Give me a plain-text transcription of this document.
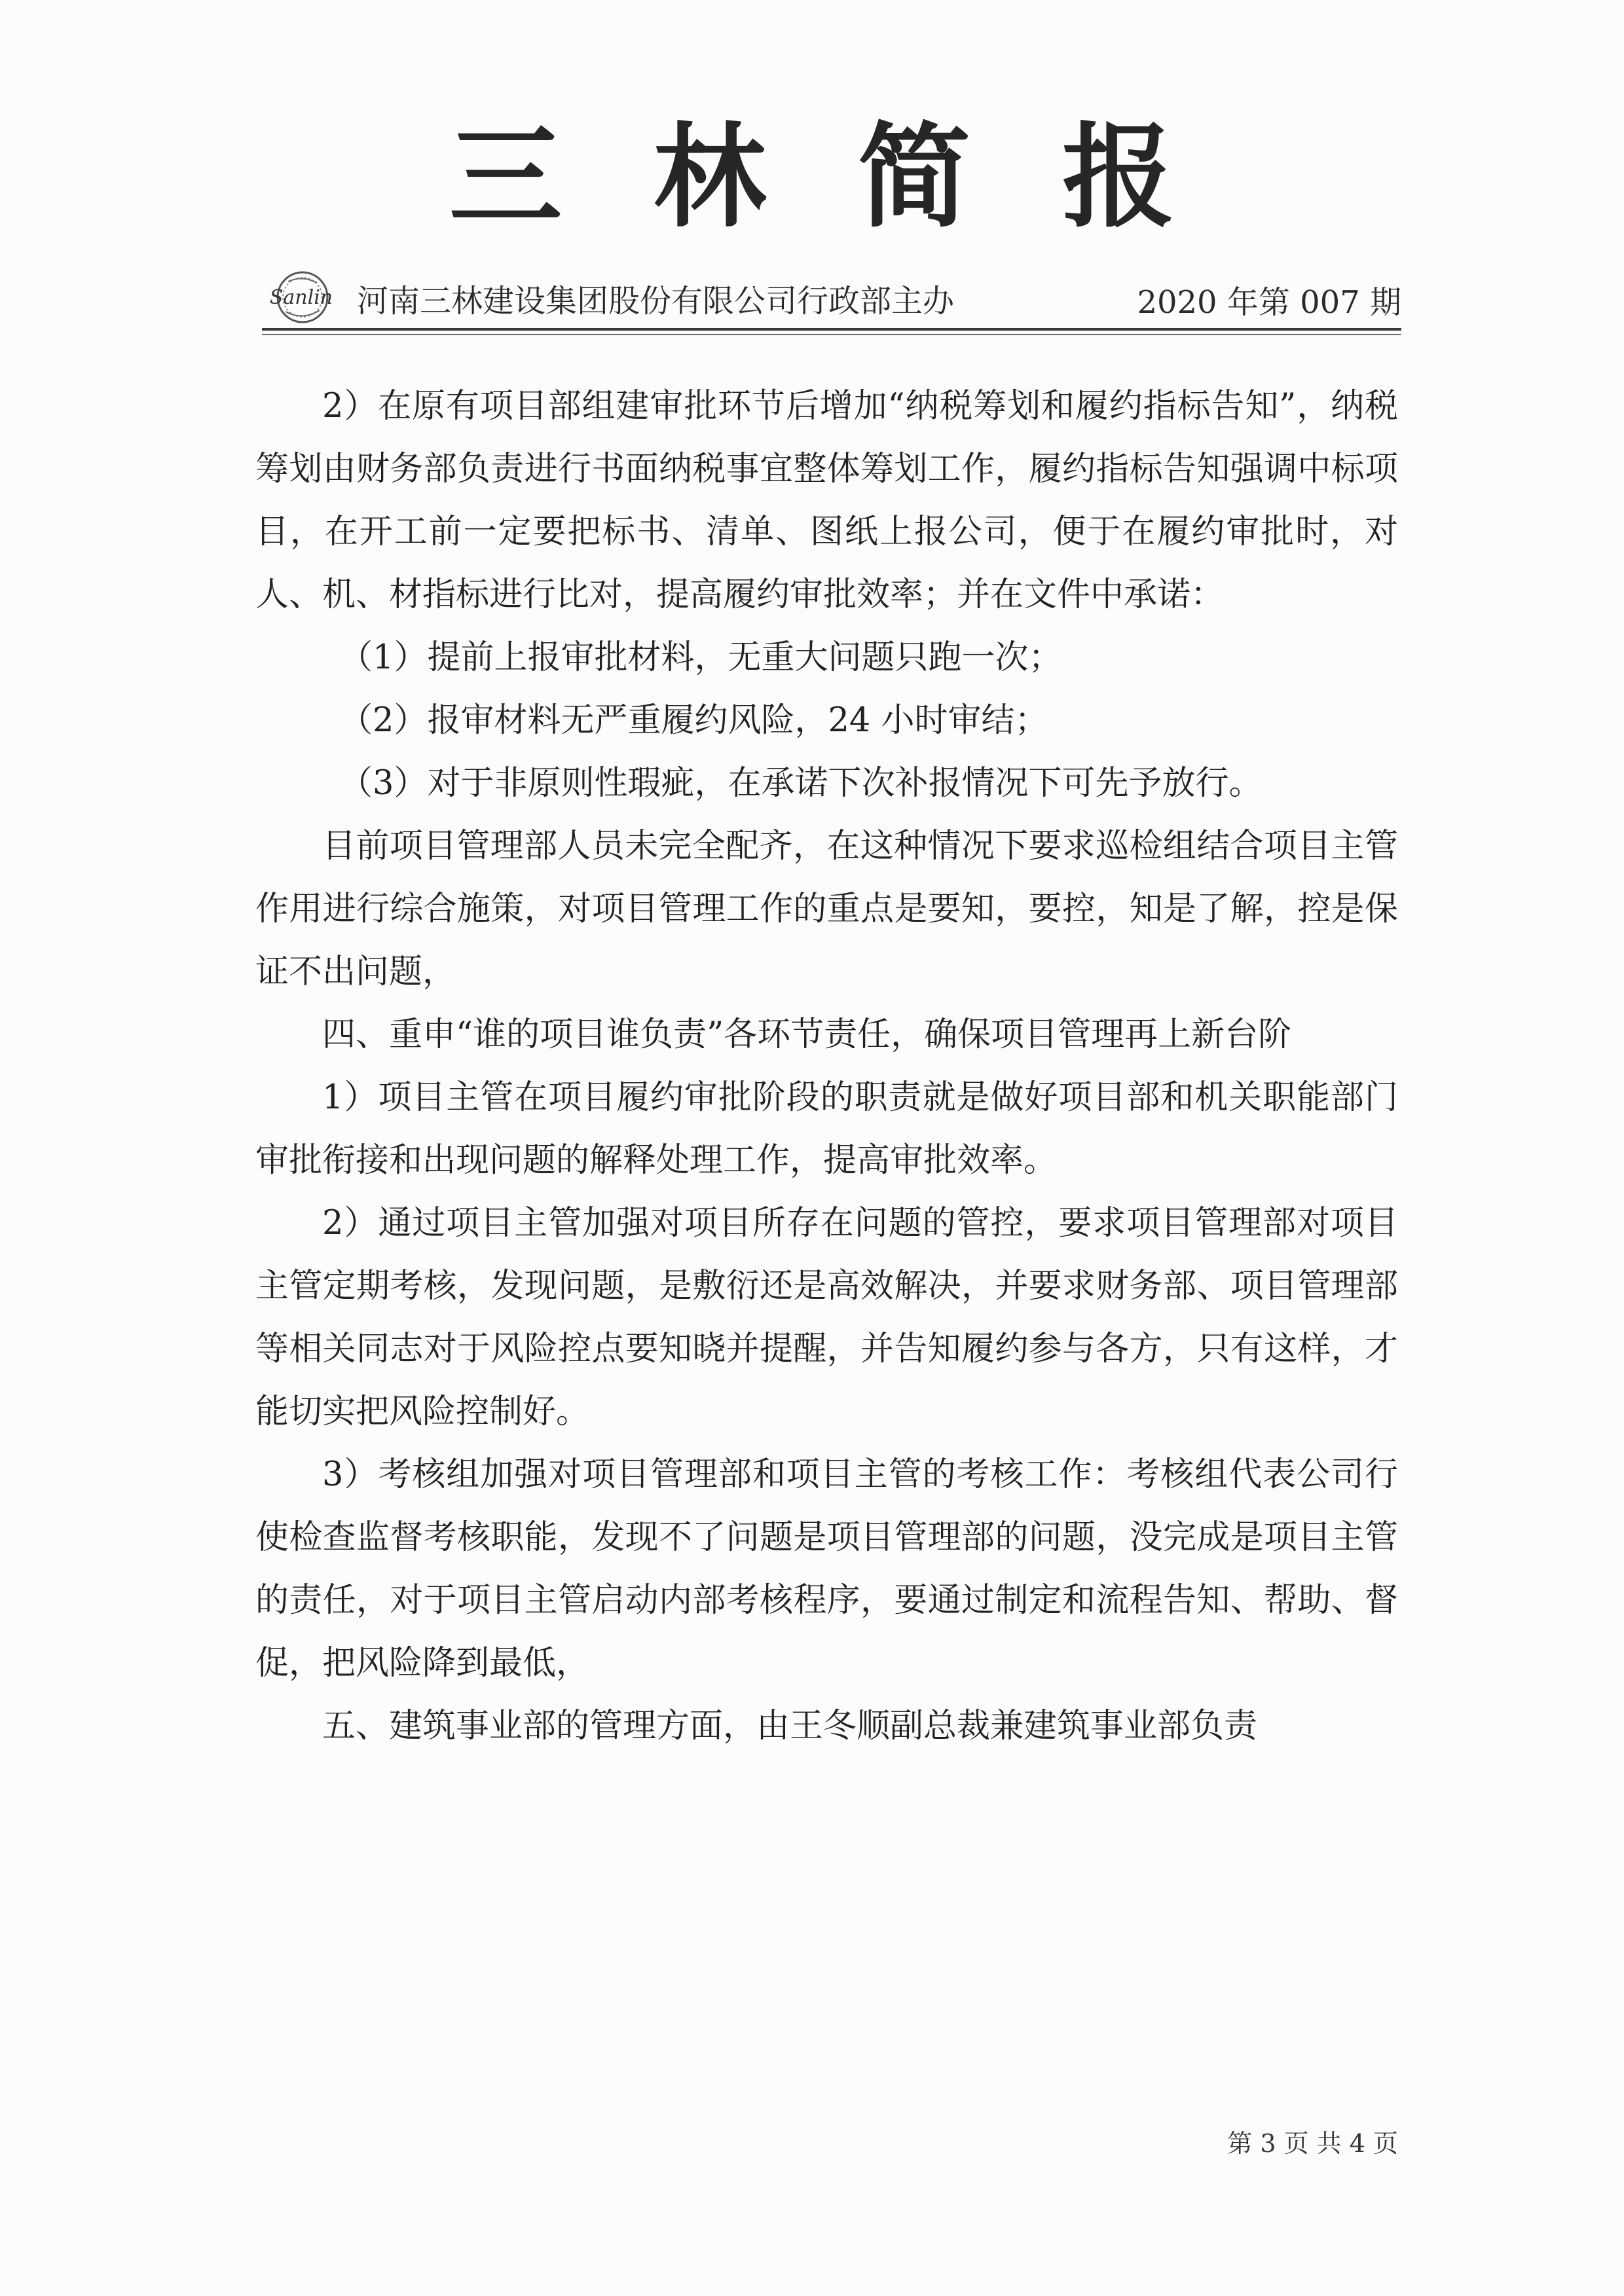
三林简报
Sanlin 河南三林建设集团股份有限公司行政部主办	2020 年第 007 期

2）在原有项目部组建审批环节后增加“纳税筹划和履约指标告知”，纳税筹划由财务部负责进行书面纳税事宜整体筹划工作，履约指标告知强调中标项目，在开工前一定要把标书、清单、图纸上报公司，便于在履约审批时，对人、机、材指标进行比对，提高履约审批效率；并在文件中承诺：

（1）提前上报审批材料，无重大问题只跑一次；

（2）报审材料无严重履约风险，24 小时审结；

（3）对于非原则性瑕疵，在承诺下次补报情况下可先予放行。

目前项目管理部人员未完全配齐，在这种情况下要求巡检组结合项目主管作用进行综合施策，对项目管理工作的重点是要知，要控，知是了解，控是保证不出问题，

四、重申“谁的项目谁负责”各环节责任，确保项目管理再上新台阶

1）项目主管在项目履约审批阶段的职责就是做好项目部和机关职能部门审批衔接和出现问题的解释处理工作，提高审批效率。

2）通过项目主管加强对项目所存在问题的管控，要求项目管理部对项目主管定期考核，发现问题，是敷衍还是高效解决，并要求财务部、项目管理部等相关同志对于风险控点要知晓并提醒，并告知履约参与各方，只有这样，才能切实把风险控制好。

3）考核组加强对项目管理部和项目主管的考核工作：考核组代表公司行使检查监督考核职能，发现不了问题是项目管理部的问题，没完成是项目主管的责任，对于项目主管启动内部考核程序，要通过制定和流程告知、帮助、督促，把风险降到最低，

五、建筑事业部的管理方面，由王冬顺副总裁兼建筑事业部负责

第 3 页 共 4 页
